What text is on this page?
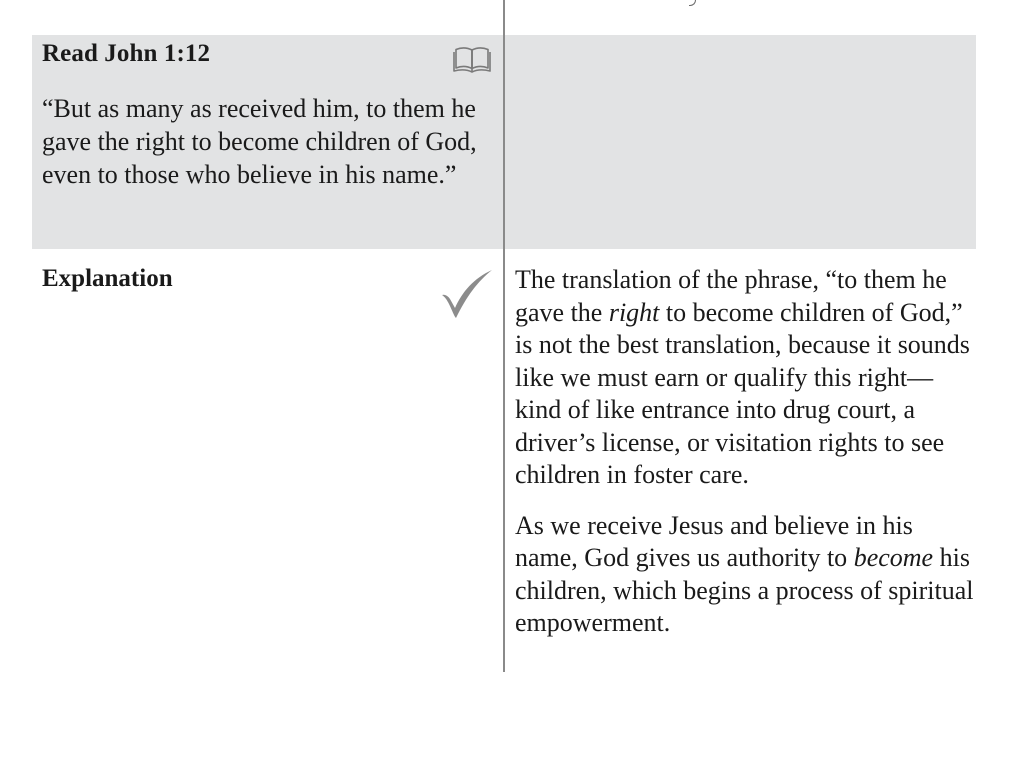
Read John 1:12

“But as many as received him, to them he gave the right to become children of God, even to those who believe in his name.”

Explanation	The translation of the phrase, “to them he gave the right to become children of God,” is not the best translation, because it sounds like we must earn or qualify this right—kind of like entrance into drug court, a driver’s license, or visitation rights to see children in foster care.

As we receive Jesus and believe in his name, God gives us authority to become his children, which begins a process of spiritual empowerment.
